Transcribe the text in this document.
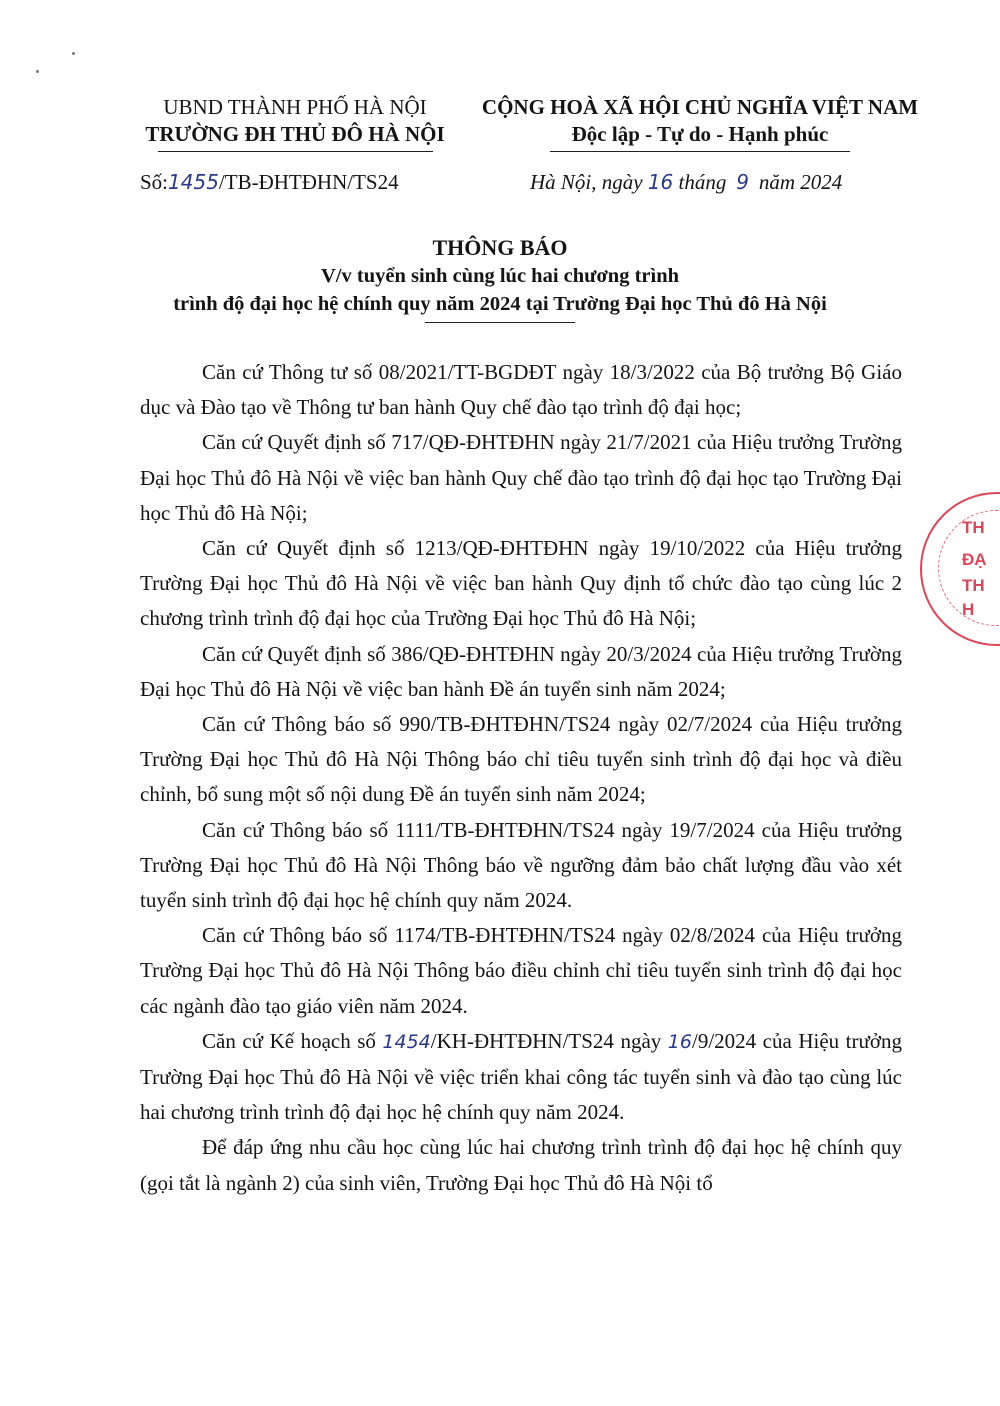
UBND THÀNH PHỐ HÀ NỘI
TRƯỜNG ĐH THỦ ĐÔ HÀ NỘI
CỘNG HOÀ XÃ HỘI CHỦ NGHĨA VIỆT NAM
Độc lập - Tự do - Hạnh phúc
Số:1455/TB-ĐHTĐHN/TS24	Hà Nội, ngày 16 tháng 9 năm 2024
THÔNG BÁO
V/v tuyển sinh cùng lúc hai chương trình
trình độ đại học hệ chính quy năm 2024 tại Trường Đại học Thủ đô Hà Nội

Căn cứ Thông tư số 08/2021/TT-BGDĐT ngày 18/3/2022 của Bộ trưởng Bộ Giáo dục và Đào tạo về Thông tư ban hành Quy chế đào tạo trình độ đại học;

Căn cứ Quyết định số 717/QĐ-ĐHTĐHN ngày 21/7/2021 của Hiệu trưởng Trường Đại học Thủ đô Hà Nội về việc ban hành Quy chế đào tạo trình độ đại học tạo Trường Đại học Thủ đô Hà Nội;

Căn cứ Quyết định số 1213/QĐ-ĐHTĐHN ngày 19/10/2022 của Hiệu trưởng Trường Đại học Thủ đô Hà Nội về việc ban hành Quy định tổ chức đào tạo cùng lúc 2 chương trình trình độ đại học của Trường Đại học Thủ đô Hà Nội;

Căn cứ Quyết định số 386/QĐ-ĐHTĐHN ngày 20/3/2024 của Hiệu trưởng Trường Đại học Thủ đô Hà Nội về việc ban hành Đề án tuyển sinh năm 2024;

Căn cứ Thông báo số 990/TB-ĐHTĐHN/TS24 ngày 02/7/2024 của Hiệu trưởng Trường Đại học Thủ đô Hà Nội Thông báo chỉ tiêu tuyển sinh trình độ đại học và điều chỉnh, bổ sung một số nội dung Đề án tuyển sinh năm 2024;

Căn cứ Thông báo số 1111/TB-ĐHTĐHN/TS24 ngày 19/7/2024 của Hiệu trưởng Trường Đại học Thủ đô Hà Nội Thông báo về ngưỡng đảm bảo chất lượng đầu vào xét tuyển sinh trình độ đại học hệ chính quy năm 2024.

Căn cứ Thông báo số 1174/TB-ĐHTĐHN/TS24 ngày 02/8/2024 của Hiệu trưởng Trường Đại học Thủ đô Hà Nội Thông báo điều chỉnh chỉ tiêu tuyển sinh trình độ đại học các ngành đào tạo giáo viên năm 2024.

Căn cứ Kế hoạch số 1454/KH-ĐHTĐHN/TS24 ngày 16/9/2024 của Hiệu trưởng Trường Đại học Thủ đô Hà Nội về việc triển khai công tác tuyển sinh và đào tạo cùng lúc hai chương trình trình độ đại học hệ chính quy năm 2024.

Để đáp ứng nhu cầu học cùng lúc hai chương trình trình độ đại học hệ chính quy (gọi tắt là ngành 2) của sinh viên, Trường Đại học Thủ đô Hà Nội tổ

TH
ĐẠ
TH
H
